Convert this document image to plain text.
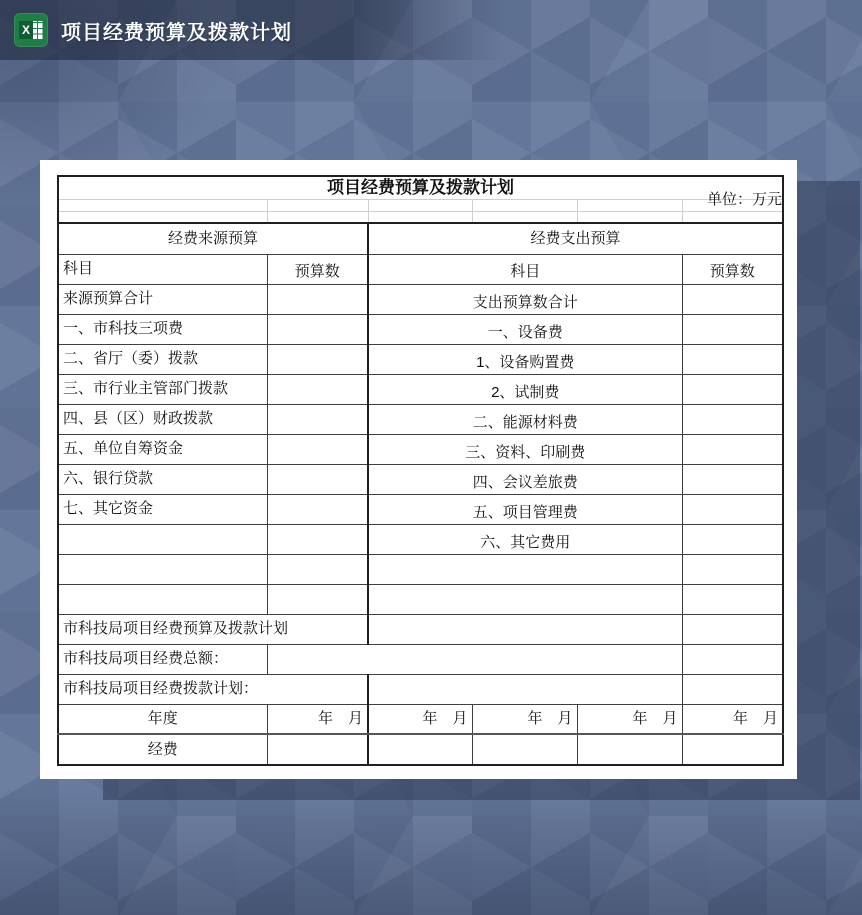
X 项目经费预算及拨款计划
项目经费预算及拨款计划					
					单位：万元

经费来源预算		经费支出预算			
科目	预算数	科目			预算数
来源预算合计		支出预算数合计			
一、市科技三项费		一、设备费			
二、省厅（委）拨款		1、设备购置费			
三、市行业主管部门拨款		2、试制费			
四、县（区）财政拨款		二、能源材料费			
五、单位自筹资金		三、资料、印刷费			
六、银行贷款		四、会议差旅费			
七、其它资金		五、项目管理费			
		六、其它费用			

市科技局项目经费预算及拨款计划					
市科技局项目经费总额：					
市科技局项目经费拨款计划：					
年度	年　月	年　月	年　月	年　月	年　月
经费					
